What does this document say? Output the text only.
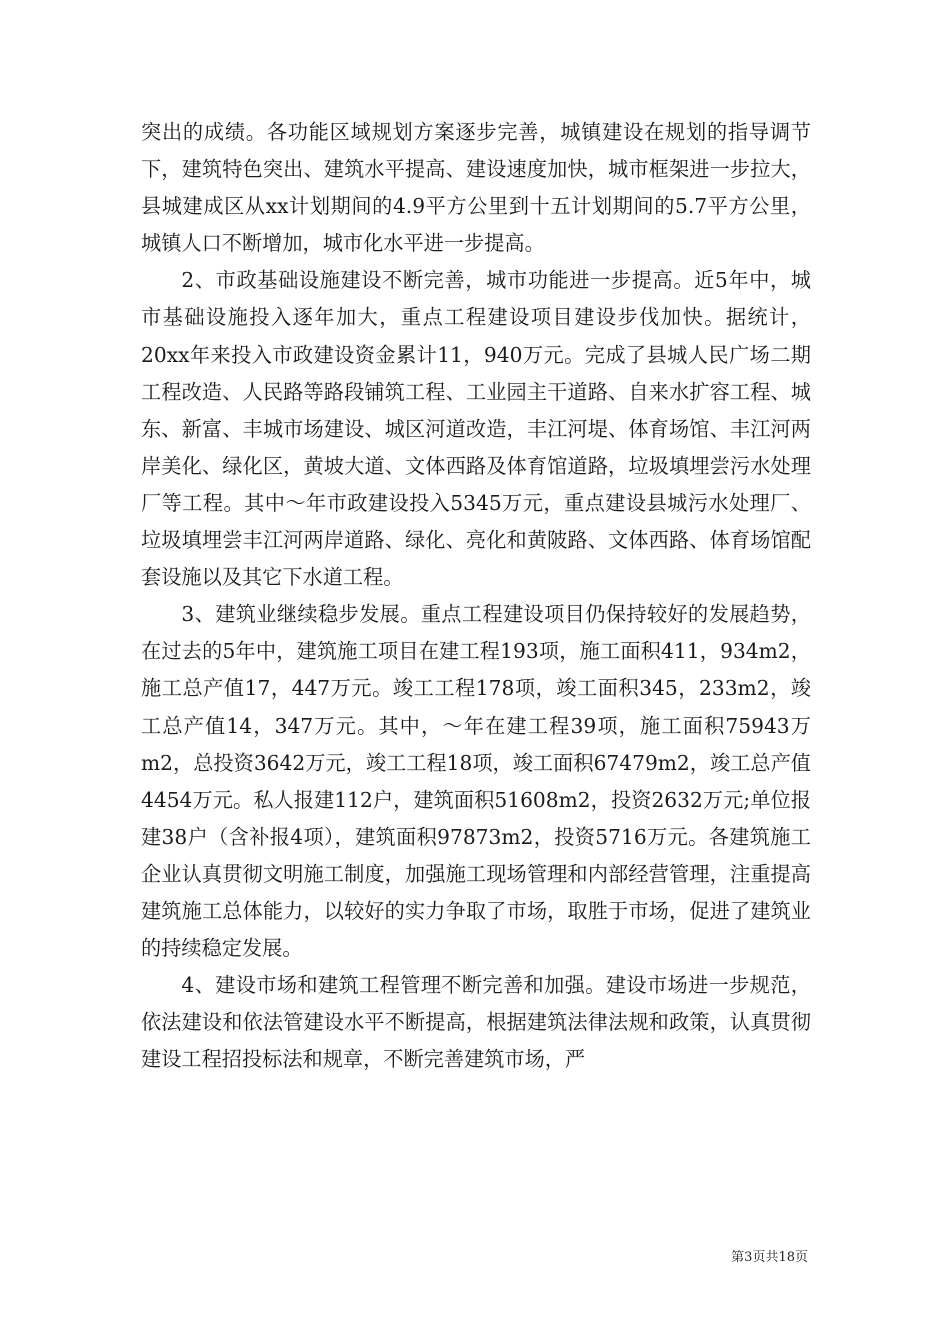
突出的成绩。各功能区域规划方案逐步完善，城镇建设在规划的指导调节下，建筑特色突出、建筑水平提高、建设速度加快，城市框架进一步拉大，县城建成区从xx计划期间的4.9平方公里到十五计划期间的5.7平方公里，城镇人口不断增加，城市化水平进一步提高。

2、市政基础设施建设不断完善，城市功能进一步提高。近5年中，城市基础设施投入逐年加大，重点工程建设项目建设步伐加快。据统计，20xx年来投入市政建设资金累计11，940万元。完成了县城人民广场二期工程改造、人民路等路段铺筑工程、工业园主干道路、自来水扩容工程、城东、新富、丰城市场建设、城区河道改造，丰江河堤、体育场馆、丰江河两岸美化、绿化区，黄坡大道、文体西路及体育馆道路，垃圾填埋尝污水处理厂等工程。其中～年市政建设投入5345万元，重点建设县城污水处理厂、垃圾填埋尝丰江河两岸道路、绿化、亮化和黄陂路、文体西路、体育场馆配套设施以及其它下水道工程。

3、建筑业继续稳步发展。重点工程建设项目仍保持较好的发展趋势，在过去的5年中，建筑施工项目在建工程193项，施工面积411，934m2，施工总产值17，447万元。竣工工程178项，竣工面积345，233m2，竣工总产值14，347万元。其中，～年在建工程39项，施工面积75943万m2，总投资3642万元，竣工工程18项，竣工面积67479m2，竣工总产值4454万元。私人报建112户，建筑面积51608m2，投资2632万元;单位报建38户（含补报4项），建筑面积97873m2，投资5716万元。各建筑施工企业认真贯彻文明施工制度，加强施工现场管理和内部经营管理，注重提高建筑施工总体能力，以较好的实力争取了市场，取胜于市场，促进了建筑业的持续稳定发展。

4、建设市场和建筑工程管理不断完善和加强。建设市场进一步规范，依法建设和依法管建设水平不断提高，根据建筑法律法规和政策，认真贯彻建设工程招投标法和规章，不断完善建筑市场，严

第3页共18页
